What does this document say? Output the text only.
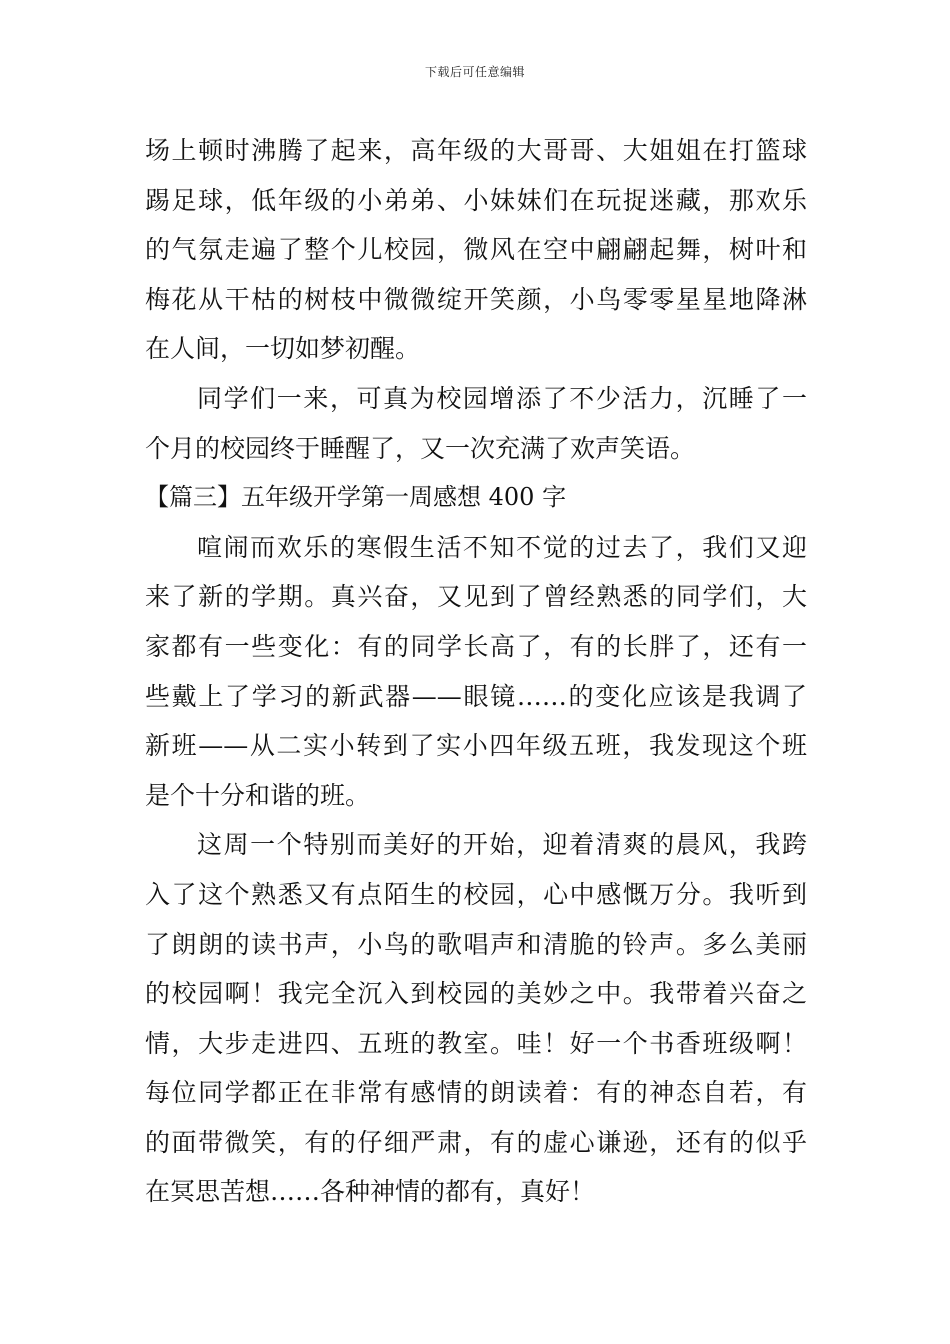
下载后可任意编辑
场上顿时沸腾了起来，高年级的大哥哥、大姐姐在打篮球
踢足球，低年级的小弟弟、小妹妹们在玩捉迷藏，那欢乐
的气氛走遍了整个儿校园，微风在空中翩翩起舞，树叶和
梅花从干枯的树枝中微微绽开笑颜，小鸟零零星星地降淋
在人间，一切如梦初醒。
同学们一来，可真为校园增添了不少活力，沉睡了一
个月的校园终于睡醒了，又一次充满了欢声笑语。
【篇三】五年级开学第一周感想 400 字
喧闹而欢乐的寒假生活不知不觉的过去了，我们又迎
来了新的学期。真兴奋，又见到了曾经熟悉的同学们，大
家都有一些变化：有的同学长高了，有的长胖了，还有一
些戴上了学习的新武器——眼镜……的变化应该是我调了
新班——从二实小转到了实小四年级五班，我发现这个班
是个十分和谐的班。
这周一个特别而美好的开始，迎着清爽的晨风，我跨
入了这个熟悉又有点陌生的校园，心中感慨万分。我听到
了朗朗的读书声，小鸟的歌唱声和清脆的铃声。多么美丽
的校园啊！我完全沉入到校园的美妙之中。我带着兴奋之
情，大步走进四、五班的教室。哇！好一个书香班级啊！
每位同学都正在非常有感情的朗读着：有的神态自若，有
的面带微笑，有的仔细严肃，有的虚心谦逊，还有的似乎
在冥思苦想……各种神情的都有，真好！
